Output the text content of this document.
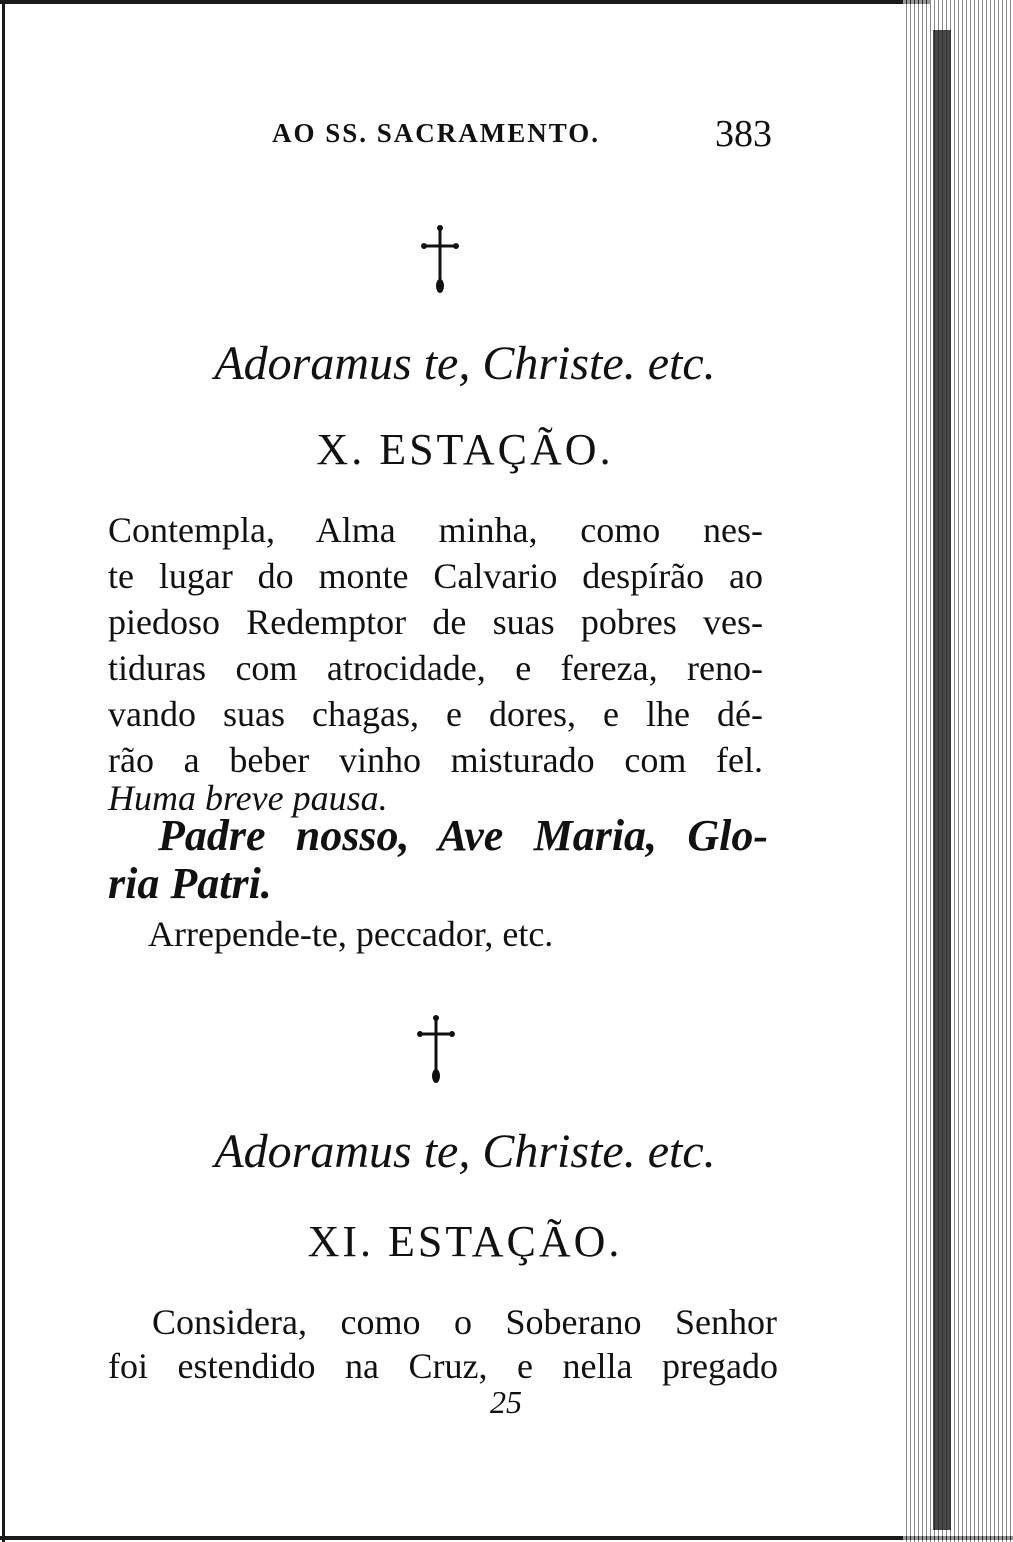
AO SS. SACRAMENTO.	383
Adoramus te, Christe. etc.
X. ESTAÇÃO.
Contempla, Alma minha, como nes-
te lugar do monte Calvario despírão ao
piedoso Redemptor de suas pobres ves-
tiduras com atrocidade, e fereza, reno-
vando suas chagas, e dores, e lhe dé-
rão a beber vinho misturado com fel.
Huma breve pausa.
Padre nosso, Ave Maria, Glo-
ria Patri.
Arrepende-te, peccador, etc.
Adoramus te, Christe. etc.
XI. ESTAÇÃO.
Considera, como o Soberano Senhor
foi estendido na Cruz, e nella pregado
25
